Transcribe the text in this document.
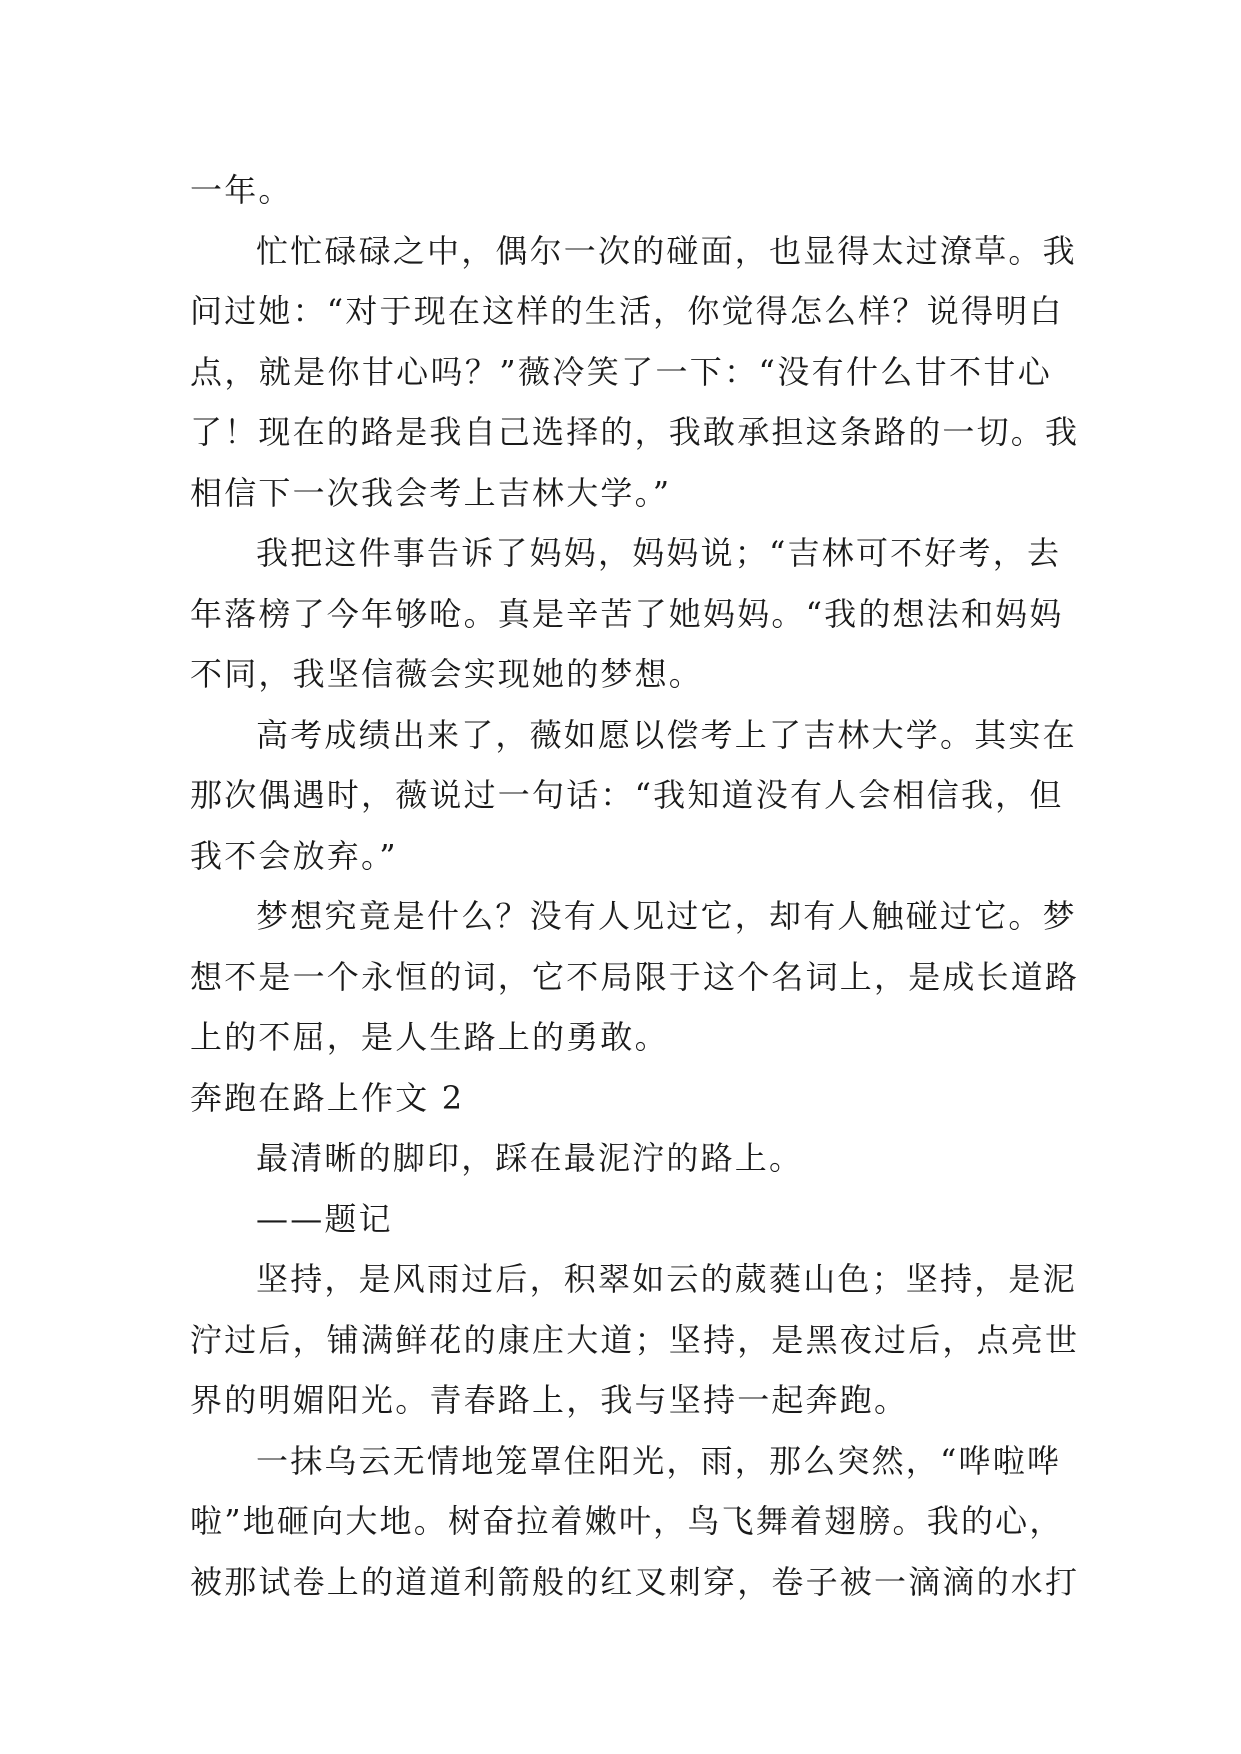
一年。
忙忙碌碌之中，偶尔一次的碰面，也显得太过潦草。我
问过她：“对于现在这样的生活，你觉得怎么样？说得明白
点，就是你甘心吗？”薇冷笑了一下：“没有什么甘不甘心
了！现在的路是我自己选择的，我敢承担这条路的一切。我
相信下一次我会考上吉林大学。”
我把这件事告诉了妈妈，妈妈说；“吉林可不好考，去
年落榜了今年够呛。真是辛苦了她妈妈。“我的想法和妈妈
不同，我坚信薇会实现她的梦想。
高考成绩出来了，薇如愿以偿考上了吉林大学。其实在
那次偶遇时，薇说过一句话：“我知道没有人会相信我，但
我不会放弃。”
梦想究竟是什么？没有人见过它，却有人触碰过它。梦
想不是一个永恒的词，它不局限于这个名词上，是成长道路
上的不屈，是人生路上的勇敢。
奔跑在路上作文 2
最清晰的脚印，踩在最泥泞的路上。
——题记
坚持，是风雨过后，积翠如云的葳蕤山色；坚持，是泥
泞过后，铺满鲜花的康庄大道；坚持，是黑夜过后，点亮世
界的明媚阳光。青春路上，我与坚持一起奔跑。
一抹乌云无情地笼罩住阳光，雨，那么突然，“哗啦哗
啦”地砸向大地。树奋拉着嫩叶，鸟飞舞着翅膀。我的心，
被那试卷上的道道利箭般的红叉刺穿，卷子被一滴滴的水打
